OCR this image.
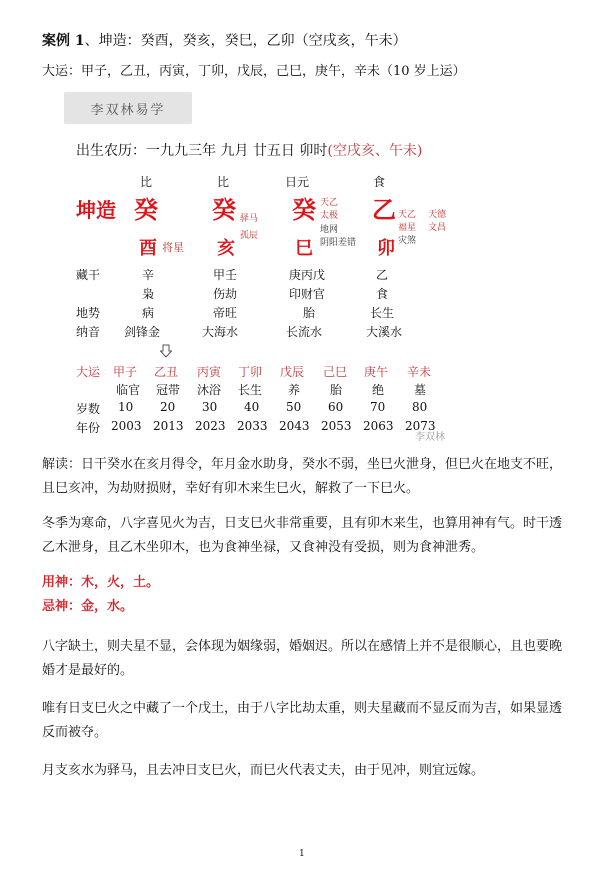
案例 1、坤造：癸酉，癸亥，癸巳，乙卯（空戌亥，午未）
大运：甲子，乙丑，丙寅，丁卯，戊辰，己巳，庚午，辛未（10 岁上运）
李双林易学
出生农历：一九九三年 九月 廿五日 卯时(空戌亥、午未)
比	比	日元	食
坤造 癸 癸 癸 乙
酉	亥	巳	卯
将星
驿马
孤辰
天乙
太极
地网
阴阳差错
天乙
福星
灾煞
天德
文昌
藏干	辛	甲壬	庚丙戊	乙
枭	伤劫	印财官	食
地势	病	帝旺	胎	长生
纳音 剑锋金	大海水	长流水	大溪水
大运 甲子 乙丑 丙寅 丁卯 戊辰 己巳 庚午 辛未
临官 冠带 沐浴 长生 养 胎 绝 墓
岁数 10 20 30 40 50 60 70 80
年份 2003 2013 2023 2033 2043 2053 2063 2073
李双林
解读：日干癸水在亥月得令，年月金水助身，癸水不弱，坐巳火泄身，但巳火在地支不旺，且巳亥冲，为劫财损财，幸好有卯木来生巳火，解救了一下巳火。
冬季为寒命，八字喜见火为吉，日支巳火非常重要，且有卯木来生，也算用神有气。时干透乙木泄身，且乙木坐卯木，也为食神坐禄，又食神没有受损，则为食神泄秀。
用神：木，火，土。
忌神：金，水。
八字缺土，则夫星不显，会体现为姻缘弱，婚姻迟。所以在感情上并不是很顺心，且也要晚婚才是最好的。
唯有日支巳火之中藏了一个戊土，由于八字比劫太重，则夫星藏而不显反而为吉，如果显透反而被夺。
月支亥水为驿马，且去冲日支巳火，而巳火代表丈夫，由于见冲，则宜远嫁。
1
